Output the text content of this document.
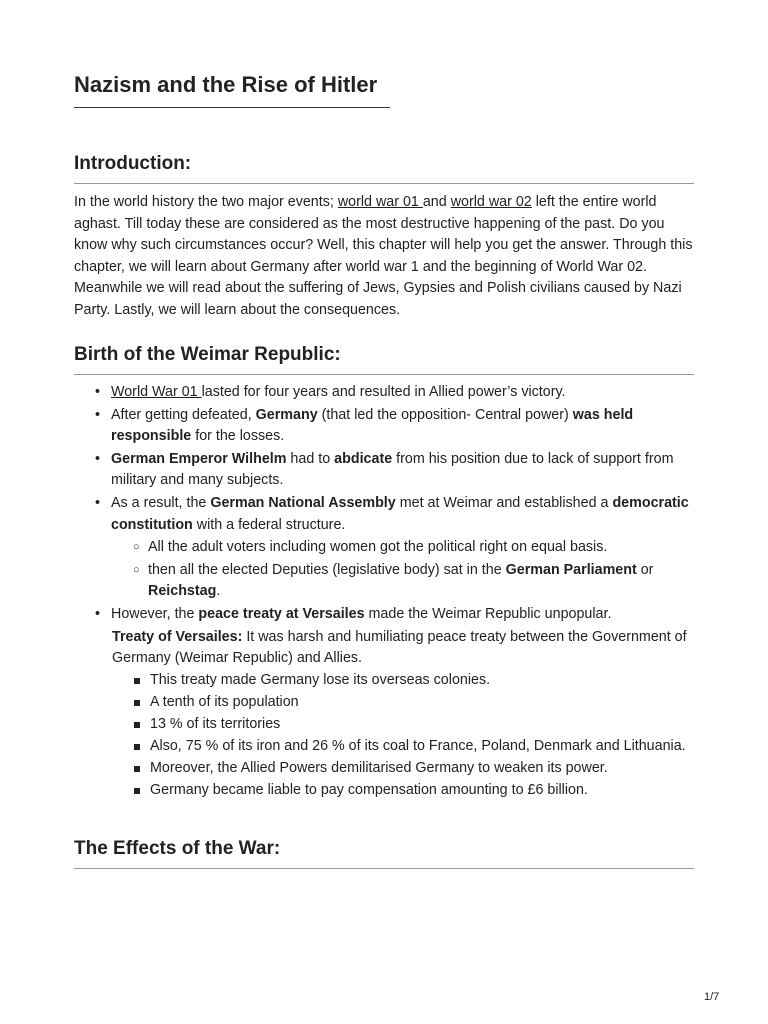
Nazism and the Rise of Hitler
Introduction:

In the world history the two major events; world war 01 and world war 02 left the entire world aghast. Till today these are considered as the most destructive happening of the past. Do you know why such circumstances occur? Well, this chapter will help you get the answer. Through this chapter, we will learn about Germany after world war 1 and the beginning of World War 02. Meanwhile we will read about the suffering of Jews, Gypsies and Polish civilians caused by Nazi Party. Lastly, we will learn about the consequences.

Birth of the Weimar Republic:
• World War 01 lasted for four years and resulted in Allied power’s victory.
• After getting defeated, Germany (that led the opposition- Central power) was held responsible for the losses.
• German Emperor Wilhelm had to abdicate from his position due to lack of support from military and many subjects.
• As a result, the German National Assembly met at Weimar and established a democratic constitution with a federal structure.
○ All the adult voters including women got the political right on equal basis.
○ then all the elected Deputies (legislative body) sat in the German Parliament or Reichstag.
• However, the peace treaty at Versailes made the Weimar Republic unpopular.
Treaty of Versailes: It was harsh and humiliating peace treaty between the Government of Germany (Weimar Republic) and Allies.
This treaty made Germany lose its overseas colonies.
A tenth of its population
13 % of its territories
Also, 75 % of its iron and 26 % of its coal to France, Poland, Denmark and Lithuania.
Moreover, the Allied Powers demilitarised Germany to weaken its power.
Germany became liable to pay compensation amounting to £6 billion.
The Effects of the War:
1/7
